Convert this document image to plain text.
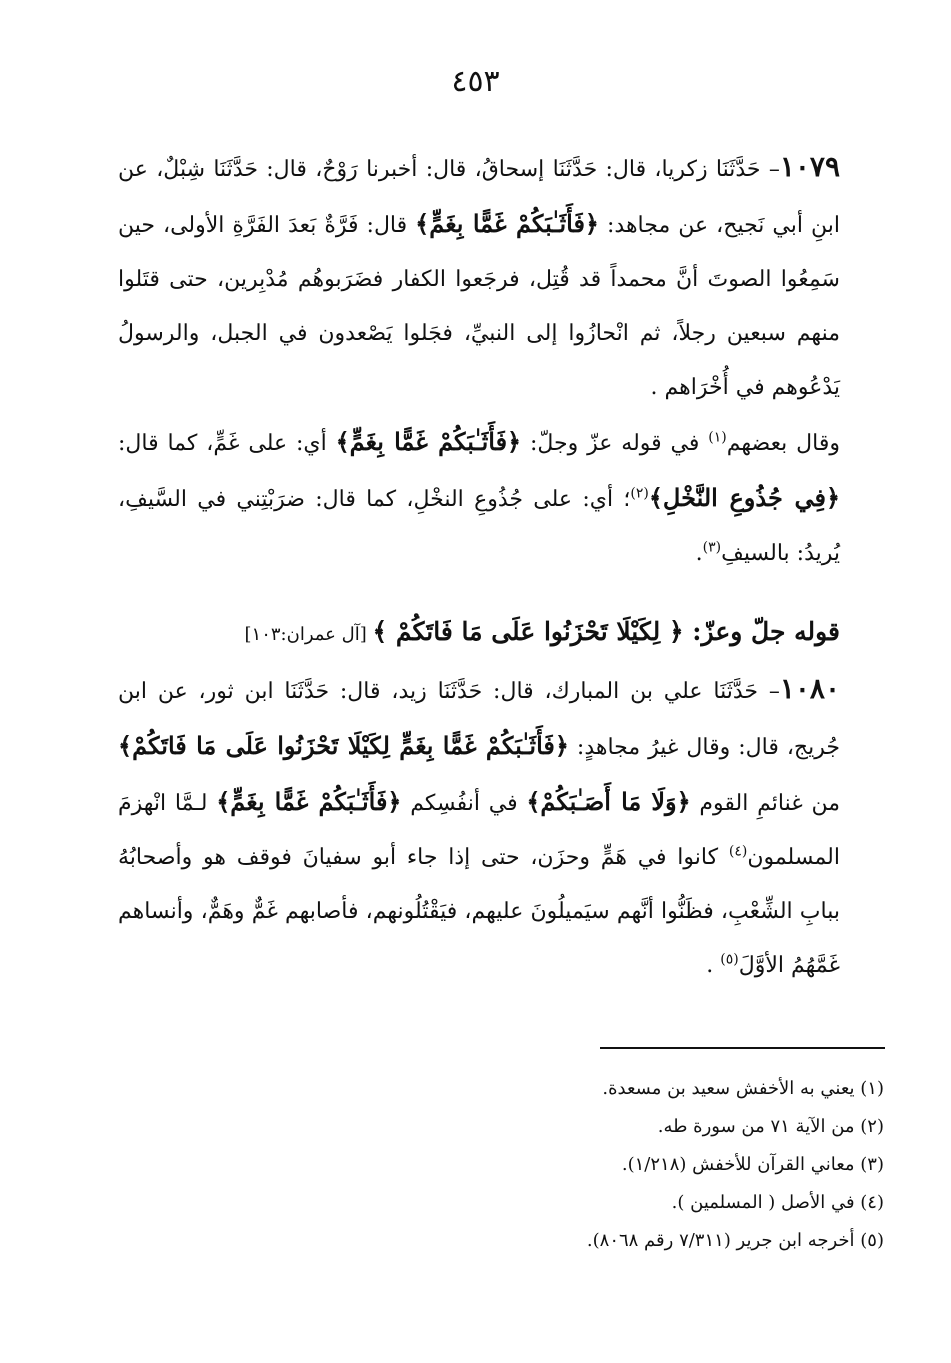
٤٥٣

١٠٧٩– حَدَّثَنَا زكريا، قال: حَدَّثَنَا إسحاقُ، قال: أخبرنا رَوْحٌ، قال: حَدَّثَنَا شِبْلٌ، عن ابنِ أبي نَجيح، عن مجاهد: ﴿فَأَثَـٰبَكُمْ غَمًّا بِغَمٍّ﴾ قال: فَرَّةٌ بَعدَ الفَرَّةِ الأولى، حين سَمِعُوا الصوتَ أنَّ محمداً قد قُتِل، فرجَعوا الكفار فضَرَبوهُم مُدْبِرين، حتى قتَلوا منهم سبعين رجلاً، ثم انْحازُوا إلى النبيِّ، فجَلوا يَصْعدون في الجبل، والرسولُ يَدْعُوهم في أُخْرَاهم .

وقال بعضهم$^{(١)}$ في قوله عزّ وجلّ: ﴿فَأَثَـٰبَكُمْ غَمًّا بِغَمٍّ﴾ أي: على غَمٍّ، كما قال: ﴿فِي جُذُوعِ النَّخْلِ﴾$^{(٢)}$؛ أي: على جُذُوعِ النخْلِ، كما قال: ضرَبْتِني في السَّيفِ، يُريدُ: بالسيفِ$^{(٣)}$.

قوله جلّ وعزّ: ﴿ لِكَيْلَا تَحْزَنُوا عَلَى مَا فَاتَكُمْ ﴾ [آل عمران:١٠٣]

١٠٨٠– حَدَّثَنَا علي بن المبارك، قال: حَدَّثَنَا زيد، قال: حَدَّثَنَا ابن ثور، عن ابن جُريج، قال: وقال غيرُ مجاهدٍ: ﴿فَأَثَـٰبَكُمْ غَمًّا بِغَمٍّ لِكَيْلَا تَحْزَنُوا عَلَى مَا فَاتَكُمْ﴾ من غنائمِ القوم ﴿وَلَا مَا أَصَـٰبَكُمْ﴾ في أنفُسِكم ﴿فَأَثَـٰبَكُمْ غَمًّا بِغَمٍّ﴾ لـمَّا انْهزمَ المسلمون$^{(٤)}$ كانوا في هَمٍّ وحزَن، حتى إذا جاء أبو سفيانَ فوقف هو وأصحابُهُ ببابِ الشِّعْبِ، فظَنُّوا أنَّهم سيَميلُونَ عليهم، فيَقْتُلُونهم، فأصابهم غَمٌّ وهَمٌّ، وأنساهم غَمَّهُمُ الأوَّلَ$^{(٥)}$ .

(١) يعني به الأخفش سعيد بن مسعدة.
(٢) من الآية ٧١ من سورة طه.
(٣) معاني القرآن للأخفش (١/٢١٨).
(٤) في الأصل ( المسلمين ).
(٥) أخرجه ابن جرير (٧/٣١١ رقم ٨٠٦٨).
